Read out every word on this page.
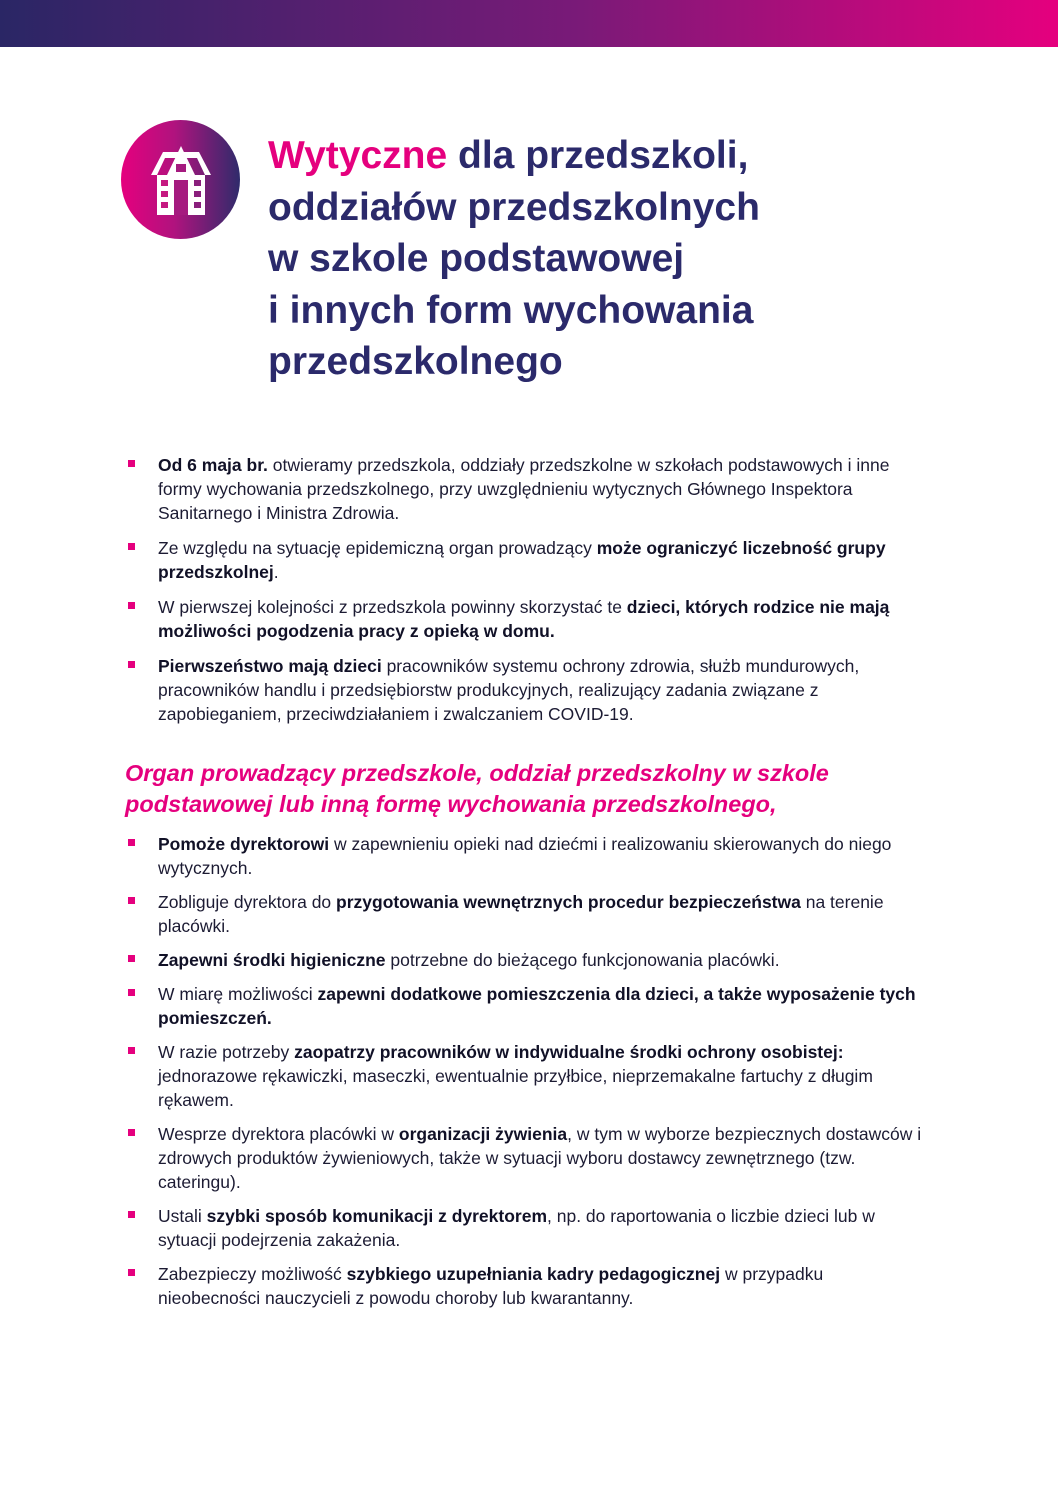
Wytyczne dla przedszkoli,
oddziałów przedszkolnych
w szkole podstawowej
i innych form wychowania
przedszkolnego
Od 6 maja br. otwieramy przedszkola, oddziały przedszkolne w szkołach podstawowych i inne formy wychowania przedszkolnego, przy uwzględnieniu wytycznych Głównego Inspektora Sanitarnego i Ministra Zdrowia.
Ze względu na sytuację epidemiczną organ prowadzący może ograniczyć liczebność grupy przedszkolnej.
W pierwszej kolejności z przedszkola powinny skorzystać te dzieci, których rodzice nie mają możliwości pogodzenia pracy z opieką w domu.
Pierwszeństwo mają dzieci pracowników systemu ochrony zdrowia, służb mundurowych, pracowników handlu i przedsiębiorstw produkcyjnych, realizujący zadania związane z zapobieganiem, przeciwdziałaniem i zwalczaniem COVID-19.
Organ prowadzący przedszkole, oddział przedszkolny w szkole
podstawowej lub inną formę wychowania przedszkolnego,
Pomoże dyrektorowi w zapewnieniu opieki nad dziećmi i realizowaniu skierowanych do niego wytycznych.
Zobliguje dyrektora do przygotowania wewnętrznych procedur bezpieczeństwa na terenie placówki.
Zapewni środki higieniczne potrzebne do bieżącego funkcjonowania placówki.
W miarę możliwości zapewni dodatkowe pomieszczenia dla dzieci, a także wyposażenie tych pomieszczeń.
W razie potrzeby zaopatrzy pracowników w indywidualne środki ochrony osobistej: jednorazowe rękawiczki, maseczki, ewentualnie przyłbice, nieprzemakalne fartuchy z długim rękawem.
Wesprze dyrektora placówki w organizacji żywienia, w tym w wyborze bezpiecznych dostawców i zdrowych produktów żywieniowych, także w sytuacji wyboru dostawcy zewnętrznego (tzw. cateringu).
Ustali szybki sposób komunikacji z dyrektorem, np. do raportowania o liczbie dzieci lub w sytuacji podejrzenia zakażenia.
Zabezpieczy możliwość szybkiego uzupełniania kadry pedagogicznej w przypadku nieobecności nauczycieli z powodu choroby lub kwarantanny.
